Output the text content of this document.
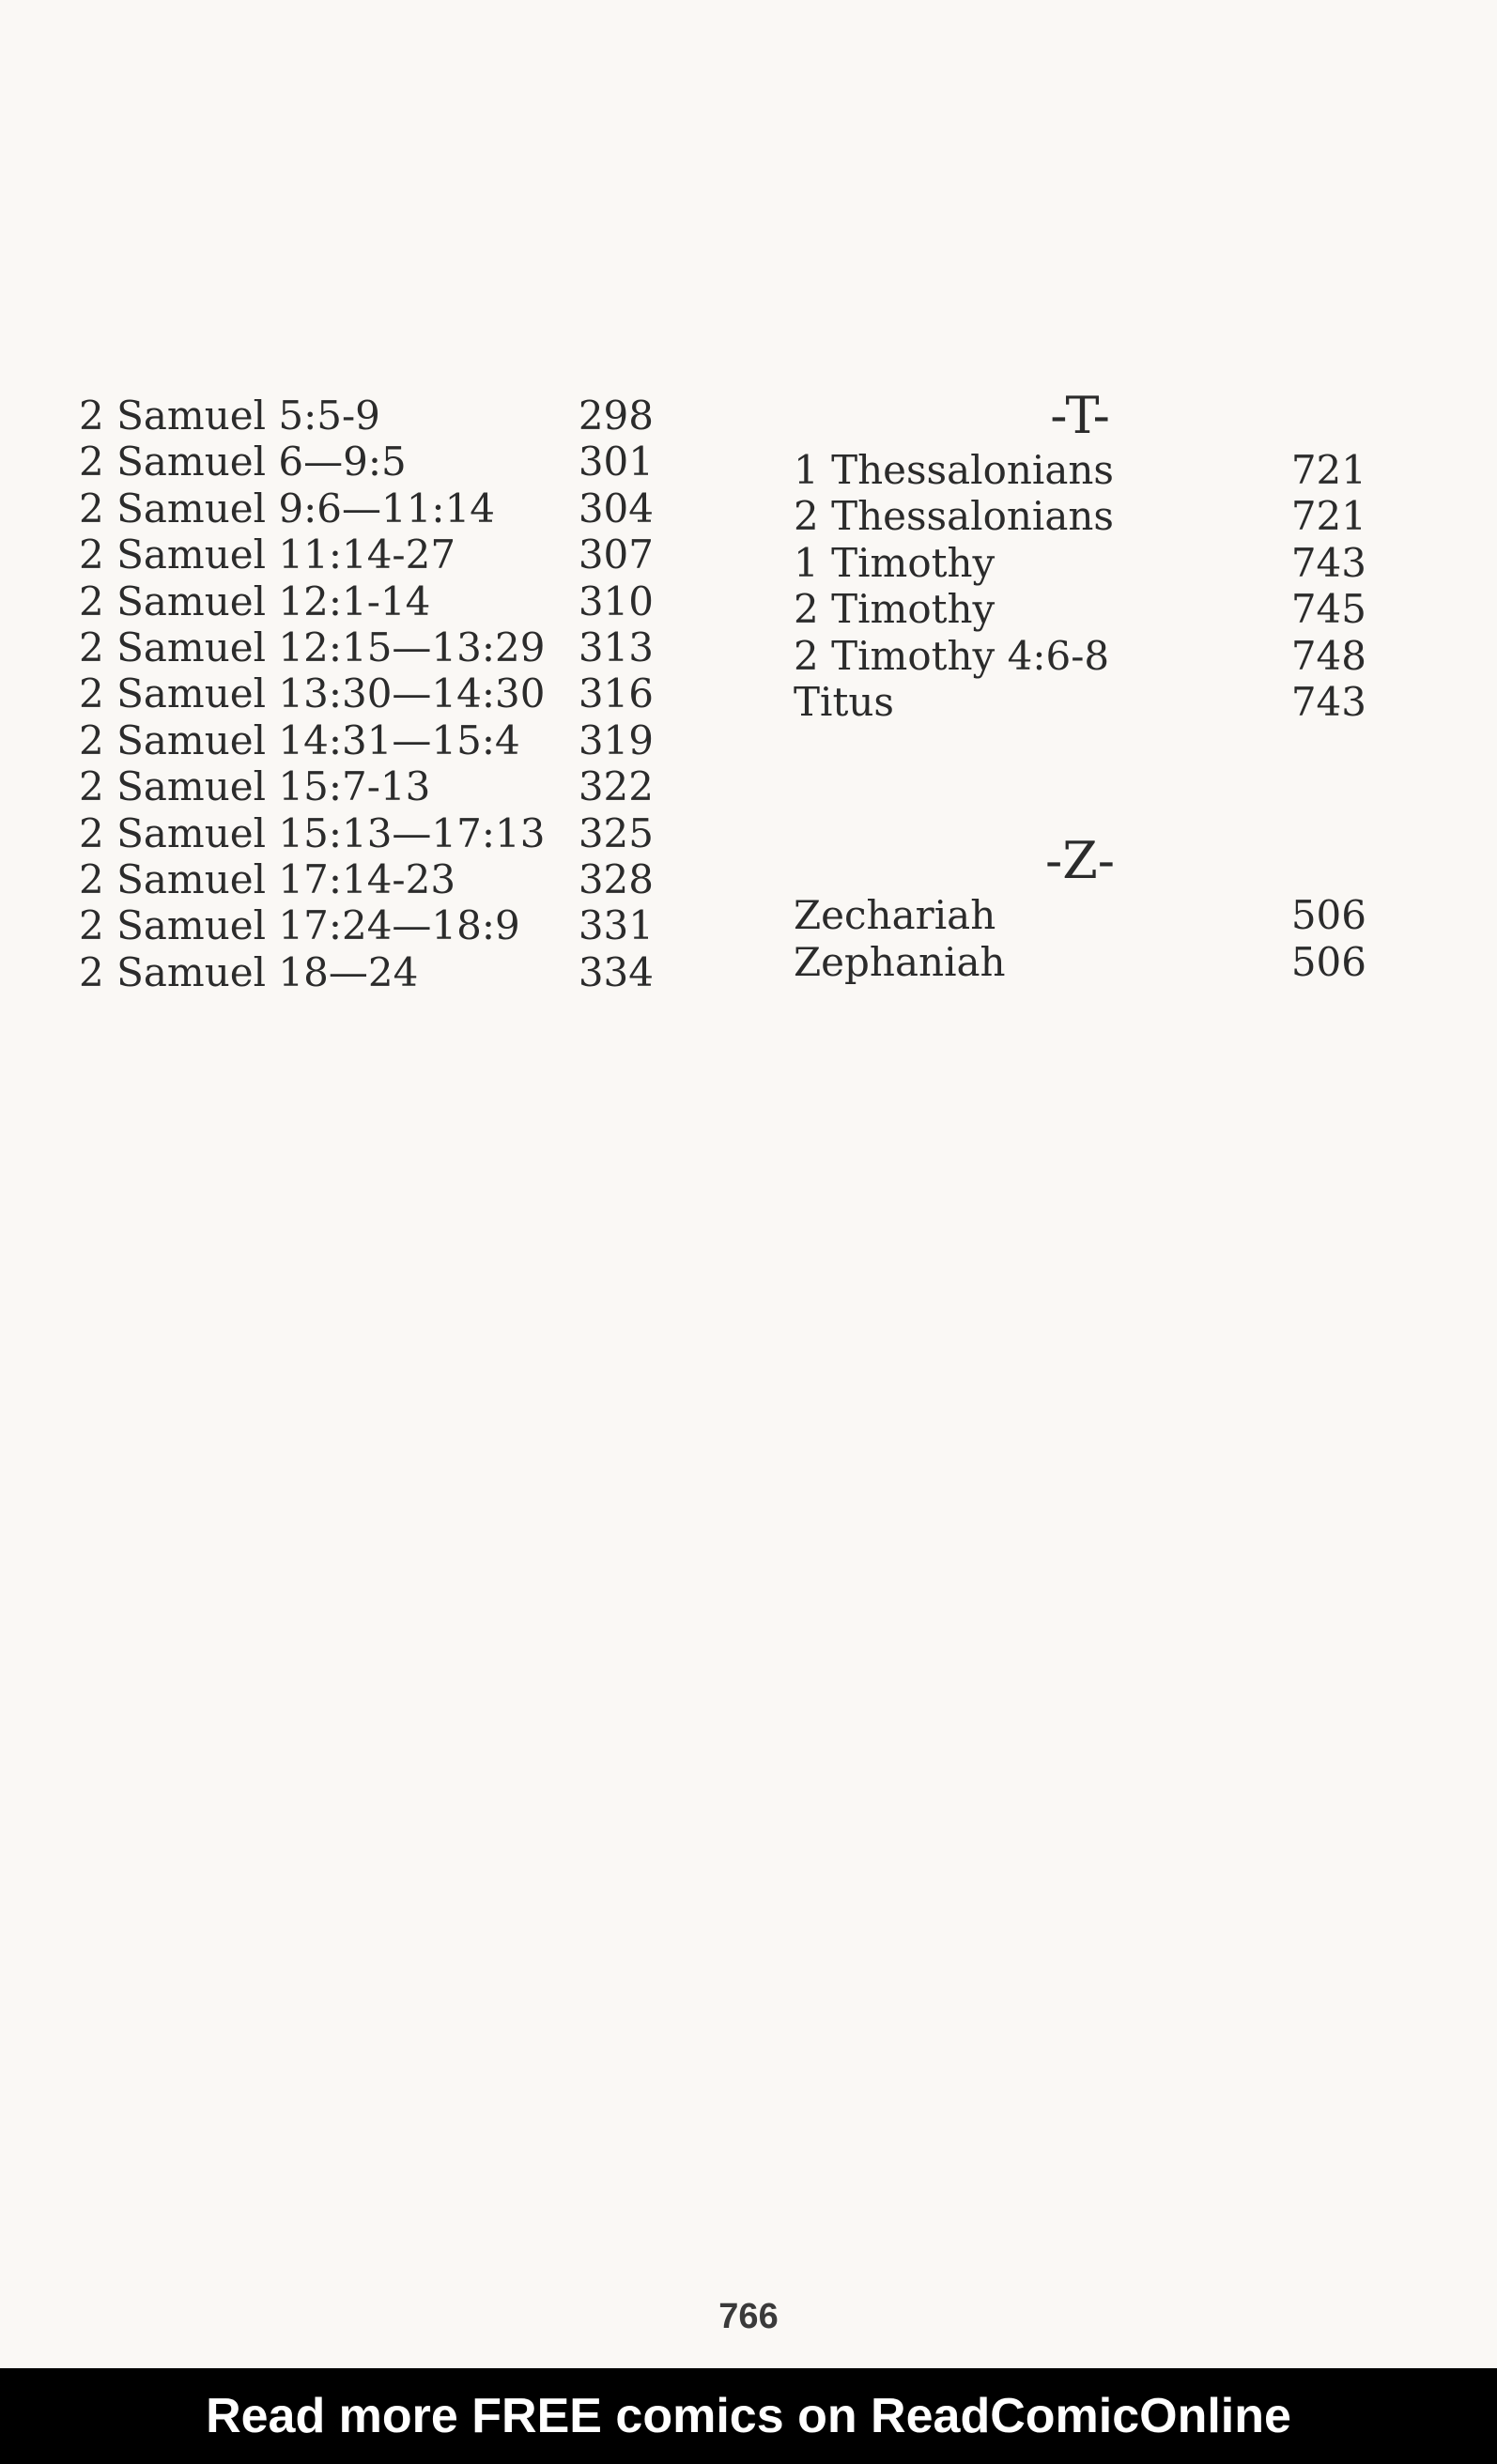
2 Samuel 5:5-9	298
2 Samuel 6—9:5	301
2 Samuel 9:6—11:14 304
2 Samuel 11:14-27	307
2 Samuel 12:1-14	310
2 Samuel 12:15—13:29 313
2 Samuel 13:30—14:30 316
2 Samuel 14:31—15:4 319
2 Samuel 15:7-13	322
2 Samuel 15:13—17:13 325
2 Samuel 17:14-23	328
2 Samuel 17:24—18:9 331
2 Samuel 18—24	334
-T-
1 Thessalonians	721
2 Thessalonians	721
1 Timothy	743
2 Timothy	745
2 Timothy 4:6-8	748
Titus	743
-Z-
Zechariah	506
Zephaniah	506
766
Read more FREE comics on ReadComicOnline
